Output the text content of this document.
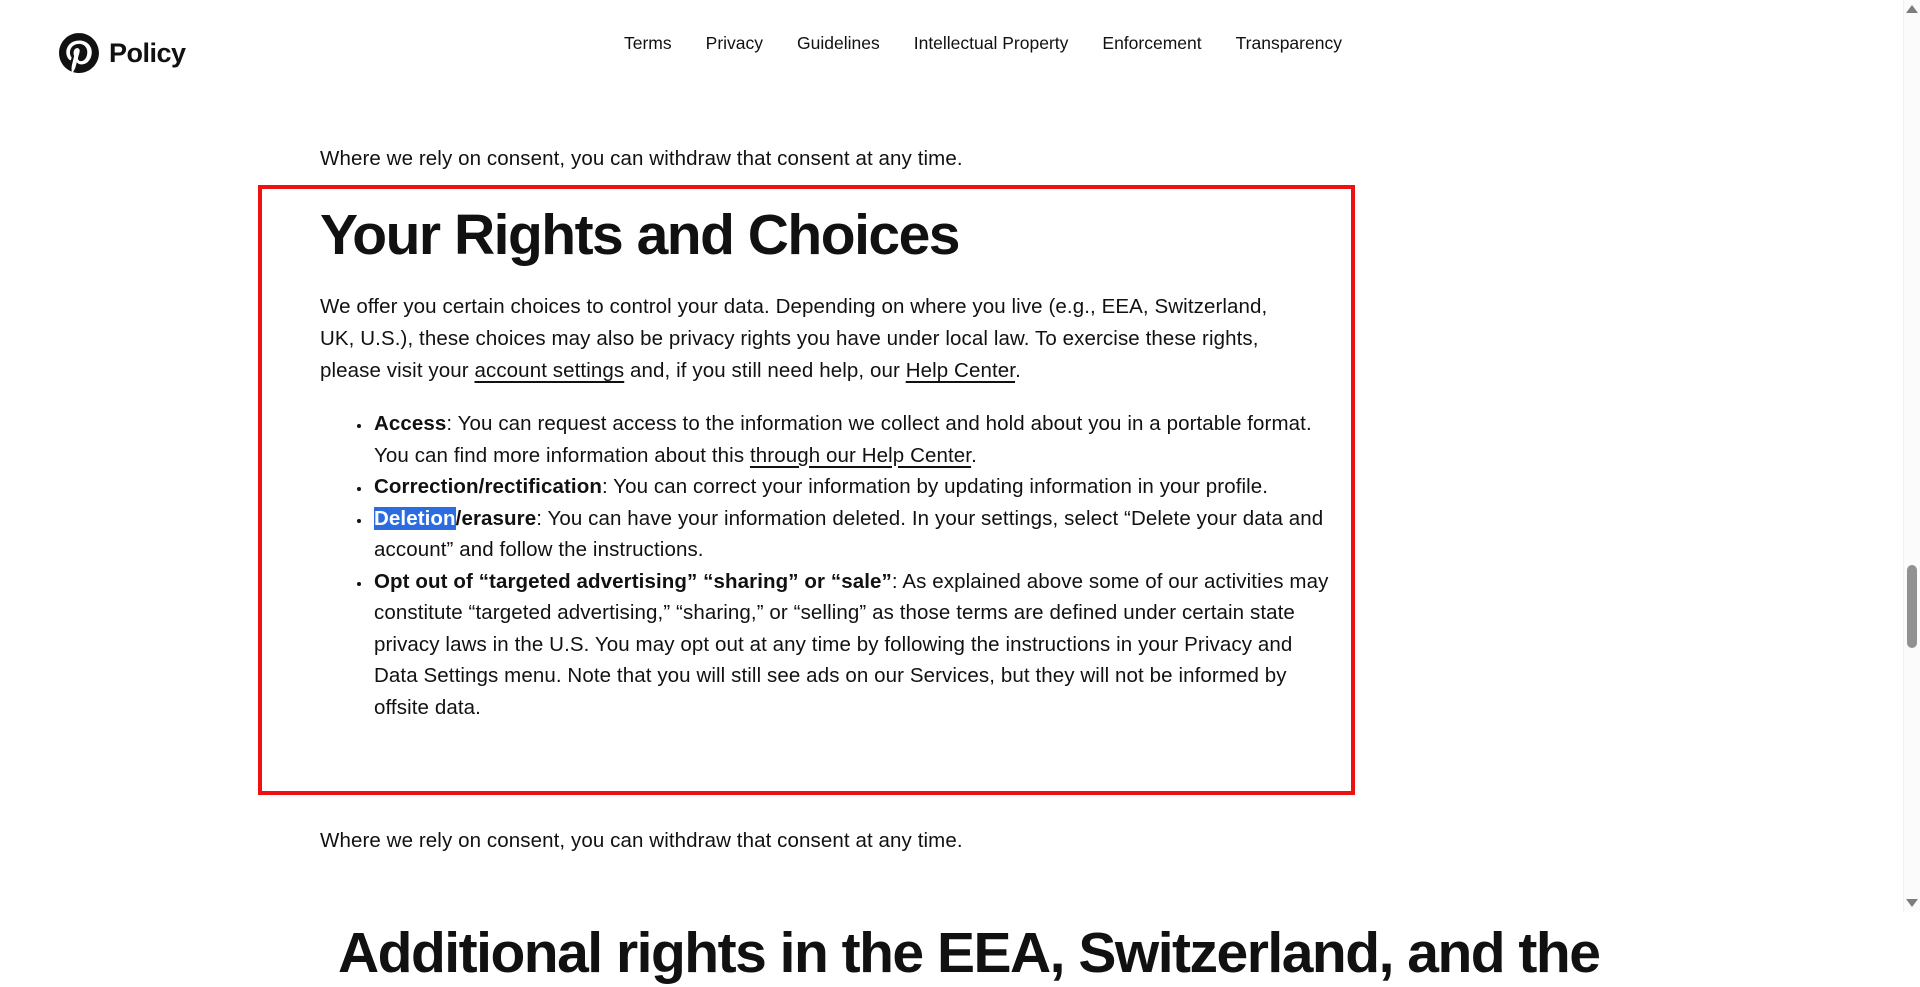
Policy	Terms Privacy Guidelines Intellectual Property Enforcement Transparency

Where we rely on consent, you can withdraw that consent at any time.

Your Rights and Choices

We offer you certain choices to control your data. Depending on where you live (e.g., EEA, Switzerland, UK, U.S.), these choices may also be privacy rights you have under local law. To exercise these rights, please visit your account settings and, if you still need help, our Help Center.

• Access: You can request access to the information we collect and hold about you in a portable format. You can find more information about this through our Help Center.
• Correction/rectification: You can correct your information by updating information in your profile.
• Deletion/erasure: You can have your information deleted. In your settings, select “Delete your data and account” and follow the instructions.
• Opt out of “targeted advertising” “sharing” or “sale”: As explained above some of our activities may constitute “targeted advertising,” “sharing,” or “selling” as those terms are defined under certain state privacy laws in the U.S. You may opt out at any time by following the instructions in your Privacy and Data Settings menu. Note that you will still see ads on our Services, but they will not be informed by offsite data.

Where we rely on consent, you can withdraw that consent at any time.

Additional rights in the EEA, Switzerland, and the
